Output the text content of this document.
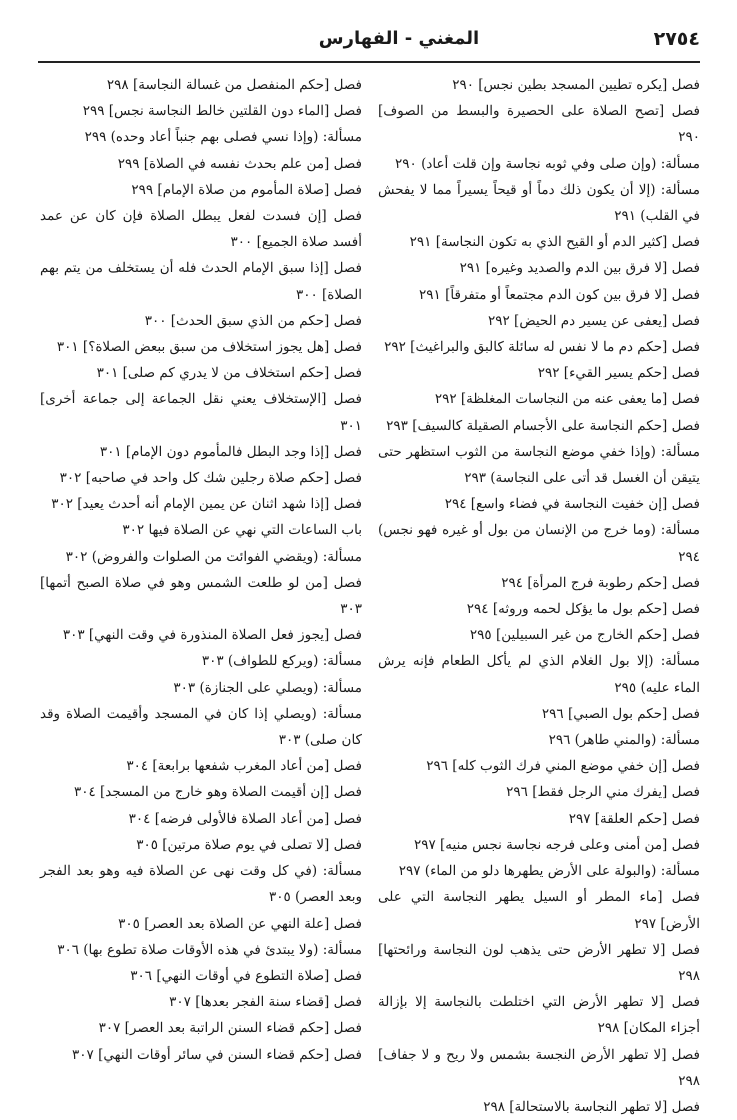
٢٧٥٤
المغني - الفهارس

فصل [يكره تطيين المسجد بطين نجس] ٢٩٠

فصل [تصح الصلاة على الحصيرة والبسط من الصوف] ٢٩٠

مسألة: (وإن صلى وفي ثوبه نجاسة وإن قلت أعاد) ٢٩٠

مسألة: (إلا أن يكون ذلك دماً أو قيحاً يسيراً مما لا يفحش في القلب) ٢٩١

فصل [كثير الدم أو القيح الذي به تكون النجاسة] ٢٩١

فصل [لا فرق بين الدم والصديد وغيره] ٢٩١

فصل [لا فرق بين كون الدم مجتمعاً أو متفرقاً] ٢٩١

فصل [يعفى عن يسير دم الحيض] ٢٩٢

فصل [حكم دم ما لا نفس له سائلة كالبق والبراغيث] ٢٩٢

فصل [حكم يسير القيء] ٢٩٢

فصل [ما يعفى عنه من النجاسات المغلظة] ٢٩٢

فصل [حكم النجاسة على الأجسام الصقيلة كالسيف] ٢٩٣

مسألة: (وإذا خفي موضع النجاسة من الثوب استظهر حتى يتيقن أن الغسل قد أتى على النجاسة) ٢٩٣

فصل [إن خفيت النجاسة في فضاء واسع] ٢٩٤

مسألة: (وما خرج من الإنسان من بول أو غيره فهو نجس) ٢٩٤

فصل [حكم رطوبة فرج المرأة] ٢٩٤

فصل [حكم بول ما يؤكل لحمه وروثه] ٢٩٤

فصل [حكم الخارج من غير السبيلين] ٢٩٥

مسألة: (إلا بول الغلام الذي لم يأكل الطعام فإنه يرش الماء عليه) ٢٩٥

فصل [حكم بول الصبي] ٢٩٦

مسألة: (والمني طاهر) ٢٩٦

فصل [إن خفي موضع المني فرك الثوب كله] ٢٩٦

فصل [يفرك مني الرجل فقط] ٢٩٦

فصل [حكم العلقة] ٢٩٧

فصل [من أمنى وعلى فرجه نجاسة نجس منيه] ٢٩٧

مسألة: (والبولة على الأرض يطهرها دلو من الماء) ٢٩٧

فصل [ماء المطر أو السيل يطهر النجاسة التي على الأرض] ٢٩٧

فصل [لا تطهر الأرض حتى يذهب لون النجاسة ورائحتها] ٢٩٨

فصل [لا تطهر الأرض التي اختلطت بالنجاسة إلا بإزالة أجزاء المكان] ٢٩٨

فصل [لا تطهر الأرض النجسة بشمس ولا ريح و لا جفاف] ٢٩٨

فصل [لا تطهر النجاسة بالاستحالة] ٢٩٨

فصل [حكم المنفصل من غسالة النجاسة] ٢٩٨

فصل [الماء دون القلتين خالط النجاسة نجس] ٢٩٩

مسألة: (وإذا نسي فصلى بهم جنباً أعاد وحده) ٢٩٩

فصل [من علم بحدث نفسه في الصلاة] ٢٩٩

فصل [صلاة المأموم من صلاة الإمام] ٢٩٩

فصل [إن فسدت لفعل يبطل الصلاة فإن كان عن عمد أفسد صلاة الجميع] ٣٠٠

فصل [إذا سبق الإمام الحدث فله أن يستخلف من يتم بهم الصلاة] ٣٠٠

فصل [حكم من الذي سبق الحدث] ٣٠٠

فصل [هل يجوز استخلاف من سبق ببعض الصلاة؟] ٣٠١

فصل [حكم استخلاف من لا يدري كم صلى] ٣٠١

فصل [الإستخلاف يعني نقل الجماعة إلى جماعة أخرى] ٣٠١

فصل [إذا وجد البطل فالمأموم دون الإمام] ٣٠١

فصل [حكم صلاة رجلين شك كل واحد في صاحبه] ٣٠٢

فصل [إذا شهد اثنان عن يمين الإمام أنه أحدث يعيد] ٣٠٢

باب الساعات التي نهي عن الصلاة فيها ٣٠٢

مسألة: (ويقضي الفوائت من الصلوات والفروض) ٣٠٢

فصل [من لو طلعت الشمس وهو في صلاة الصبح أتمها] ٣٠٣

فصل [يجوز فعل الصلاة المنذورة في وقت النهي] ٣٠٣

مسألة: (ويركع للطواف) ٣٠٣

مسألة: (ويصلي على الجنازة) ٣٠٣

مسألة: (ويصلي إذا كان في المسجد وأقيمت الصلاة وقد كان صلى) ٣٠٣

فصل [من أعاد المغرب شفعها برابعة] ٣٠٤

فصل [إن أقيمت الصلاة وهو خارج من المسجد] ٣٠٤

فصل [من أعاد الصلاة فالأولى فرضه] ٣٠٤

فصل [لا تصلى في يوم صلاة مرتين] ٣٠٥

مسألة: (في كل وقت نهى عن الصلاة فيه وهو بعد الفجر وبعد العصر) ٣٠٥

فصل [علة النهي عن الصلاة بعد العصر] ٣٠٥

مسألة: (ولا يبتدئ في هذه الأوقات صلاة تطوع بها) ٣٠٦

فصل [صلاة التطوع في أوقات النهي] ٣٠٦

فصل [قضاء سنة الفجر بعدها] ٣٠٧

فصل [حكم قضاء السنن الراتبة بعد العصر] ٣٠٧

فصل [حكم قضاء السنن في سائر أوقات النهي] ٣٠٧
